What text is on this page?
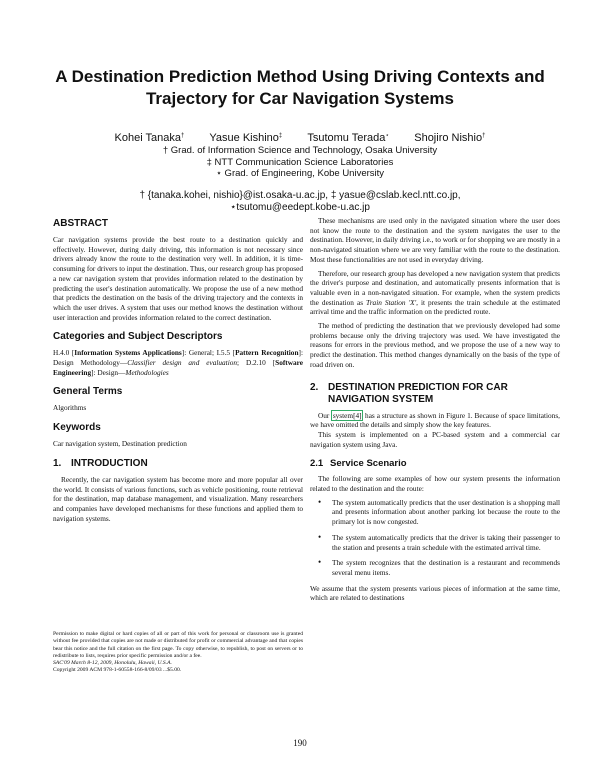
A Destination Prediction Method Using Driving Contexts and Trajectory for Car Navigation Systems
Kohei Tanaka† Yasue Kishino‡ Tsutomu Terada⋆ Shojiro Nishio†
† Grad. of Information Science and Technology, Osaka University
‡ NTT Communication Science Laboratories
⋆ Grad. of Engineering, Kobe University
† {tanaka.kohei, nishio}@ist.osaka-u.ac.jp, ‡ yasue@cslab.kecl.ntt.co.jp,
⋆tsutomu@eedept.kobe-u.ac.jp
ABSTRACT

Car navigation systems provide the best route to a destination quickly and effectively. However, during daily driving, this information is not necessary since drivers already know the route to the destination very well. In addition, it is time-consuming for drivers to input the destination. Thus, our research group has proposed a new car navigation system that provides information related to the destination by predicting the user's destination automatically. We propose the use of a new method that predicts the destination on the basis of the driving trajectory and the contexts in which the user drives. A system that uses our method knows the destination without user interaction and provides information related to the correct destination.

Categories and Subject Descriptors

H.4.0 [Information Systems Applications]: General; I.5.5 [Pattern Recognition]: Design Methodology—Classifier design and evaluation; D.2.10 [Software Engineering]: Design—Methodologies

General Terms

Algorithms

Keywords

Car navigation system, Destination prediction

1. INTRODUCTION

Recently, the car navigation system has become more and more popular all over the world. It consists of various functions, such as vehicle positioning, route retrieval for the destination, map database management, and visualization. Many researchers and companies have developed mechanisms for these functions and applied them to navigation systems.

Permission to make digital or hard copies of all or part of this work for personal or classroom use is granted without fee provided that copies are not made or distributed for profit or commercial advantage and that copies bear this notice and the full citation on the first page. To copy otherwise, to republish, to post on servers or to redistribute to lists, requires prior specific permission and/or a fee.
SAC'09 March 8-12, 2009, Honolulu, Hawaii, U.S.A.
Copyright 2009 ACM 978-1-60558-166-8/09/03 ...$5.00.

These mechanisms are used only in the navigated situation where the user does not know the route to the destination and the system navigates the user to the destination. However, in daily driving i.e., to work or for shopping we are mostly in a non-navigated situation where we are very familiar with the route to the destination. Most these functionalities are not used in everyday driving.

Therefore, our research group has developed a new navigation system that predicts the driver's purpose and destination, and automatically presents information that is valuable even in a non-navigated situation. For example, when the system predicts the destination as Train Station 'X', it presents the train schedule at the estimated arrival time and the traffic information on the predicted route.

The method of predicting the destination that we previously developed had some problems because only the driving trajectory was used. We have investigated the reasons for errors in the previous method, and we propose the use of a new way to predict the destination. This method changes dynamically on the basis of the type of road driven on.

2. DESTINATION PREDICTION FOR CAR NAVIGATION SYSTEM

Our system[4] has a structure as shown in Figure 1. Because of space limitations, we have omitted the details and simply show the key features.

This system is implemented on a PC-based system and a commercial car navigation system using Java.

2.1 Service Scenario

The following are some examples of how our system presents the information related to the destination and the route:

• The system automatically predicts that the user destination is a shopping mall and presents information about another parking lot because the route to the primary lot is now congested.
• The system automatically predicts that the driver is taking their passenger to the station and presents a train schedule with the estimated arrival time.
• The system recognizes that the destination is a restaurant and recommends several menu items.

We assume that the system presents various pieces of information at the same time, which are related to destinations

190
